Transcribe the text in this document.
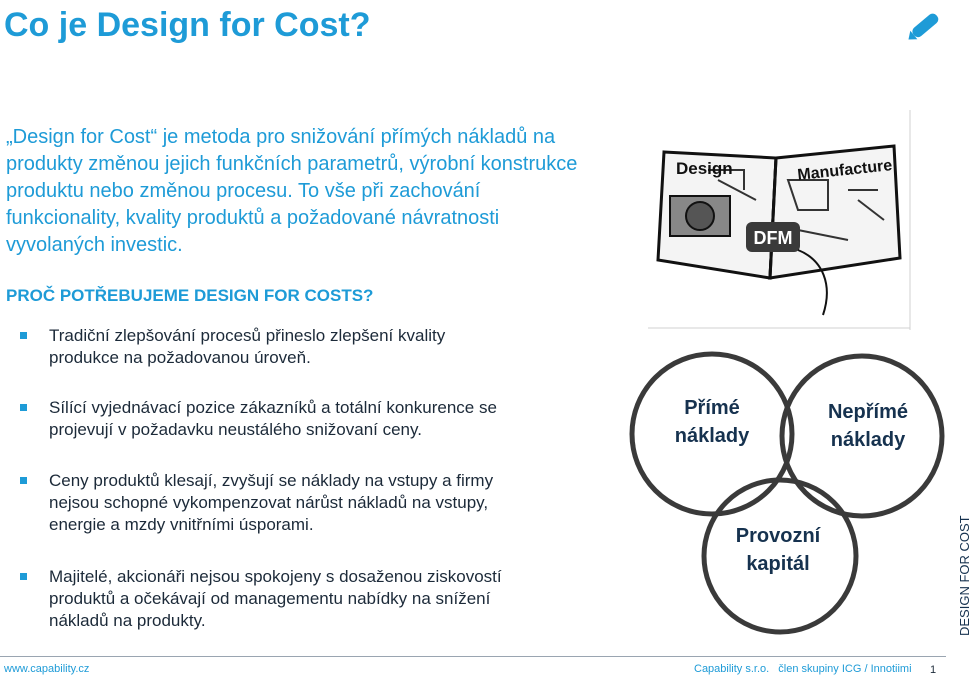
Co je Design for Cost?
„Design for Cost“ je metoda pro snižování přímých nákladů na
produkty změnou jejich funkčních parametrů, výrobní konstrukce
produktu nebo změnou procesu. To vše při zachování
funkcionality, kvality produktů a požadované návratnosti
vyvolaných investic.
PROČ POTŘEBUJEME DESIGN FOR COSTS?
Tradiční zlepšování procesů přineslo zlepšení kvality
produkce na požadovanou úroveň.
Sílící vyjednávací pozice zákazníků a totální konkurence se
projevují v požadavku neustálého snižovaní ceny.
Ceny produktů klesají, zvyšují se náklady na vstupy a firmy
nejsou schopné vykompenzovat nárůst nákladů na vstupy,
energie a mzdy vnitřními úsporami.
Majitelé, akcionáři nejsou spokojeny s dosaženou ziskovostí
produktů a očekávají od managementu nabídky na snížení
nákladů na produkty.
Design	Manufacture
DFM
Přímé
náklady
Nepřímé
náklady
Provozní
kapitál	DESIGN FOR COST
www.capability.cz	Capability s.r.o. člen skupiny ICG / Innotiimi	1
